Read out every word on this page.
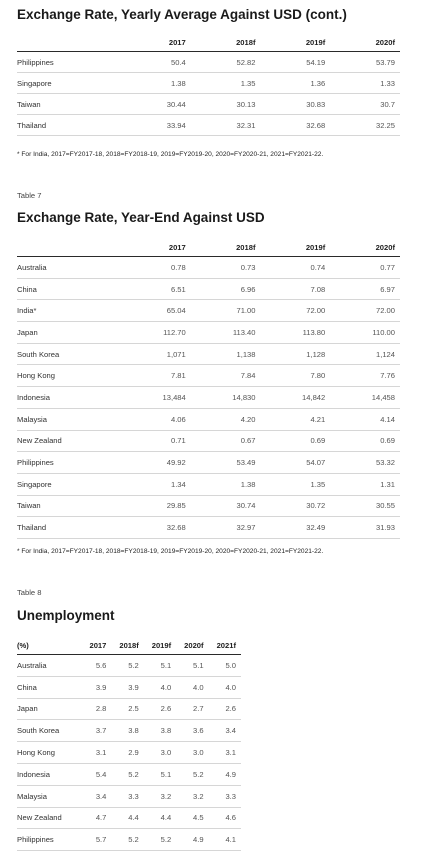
Exchange Rate, Yearly Average Against USD (cont.)
	2017	2018f	2019f	2020f
Philippines	50.4	52.82	54.19	53.79
Singapore	1.38	1.35	1.36	1.33
Taiwan	30.44	30.13	30.83	30.7
Thailand	33.94	32.31	32.68	32.25
* For India, 2017=FY2017-18, 2018=FY2018-19, 2019=FY2019-20, 2020=FY2020-21, 2021=FY2021-22.
Table 7
Exchange Rate, Year-End Against USD
	2017	2018f	2019f	2020f
Australia	0.78	0.73	0.74	0.77
China	6.51	6.96	7.08	6.97
India*	65.04	71.00	72.00	72.00
Japan	112.70	113.40	113.80	110.00
South Korea	1,071	1,138	1,128	1,124
Hong Kong	7.81	7.84	7.80	7.76
Indonesia	13,484	14,830	14,842	14,458
Malaysia	4.06	4.20	4.21	4.14
New Zealand	0.71	0.67	0.69	0.69
Philippines	49.92	53.49	54.07	53.32
Singapore	1.34	1.38	1.35	1.31
Taiwan	29.85	30.74	30.72	30.55
Thailand	32.68	32.97	32.49	31.93
* For India, 2017=FY2017-18, 2018=FY2018-19, 2019=FY2019-20, 2020=FY2020-21, 2021=FY2021-22.
Table 8
Unemployment
(%)	2017	2018f	2019f	2020f	2021f
Australia	5.6	5.2	5.1	5.1	5.0
China	3.9	3.9	4.0	4.0	4.0
Japan	2.8	2.5	2.6	2.7	2.6
South Korea	3.7	3.8	3.8	3.6	3.4
Hong Kong	3.1	2.9	3.0	3.0	3.1
Indonesia	5.4	5.2	5.1	5.2	4.9
Malaysia	3.4	3.3	3.2	3.2	3.3
New Zealand	4.7	4.4	4.4	4.5	4.6
Philippines	5.7	5.2	5.2	4.9	4.1
